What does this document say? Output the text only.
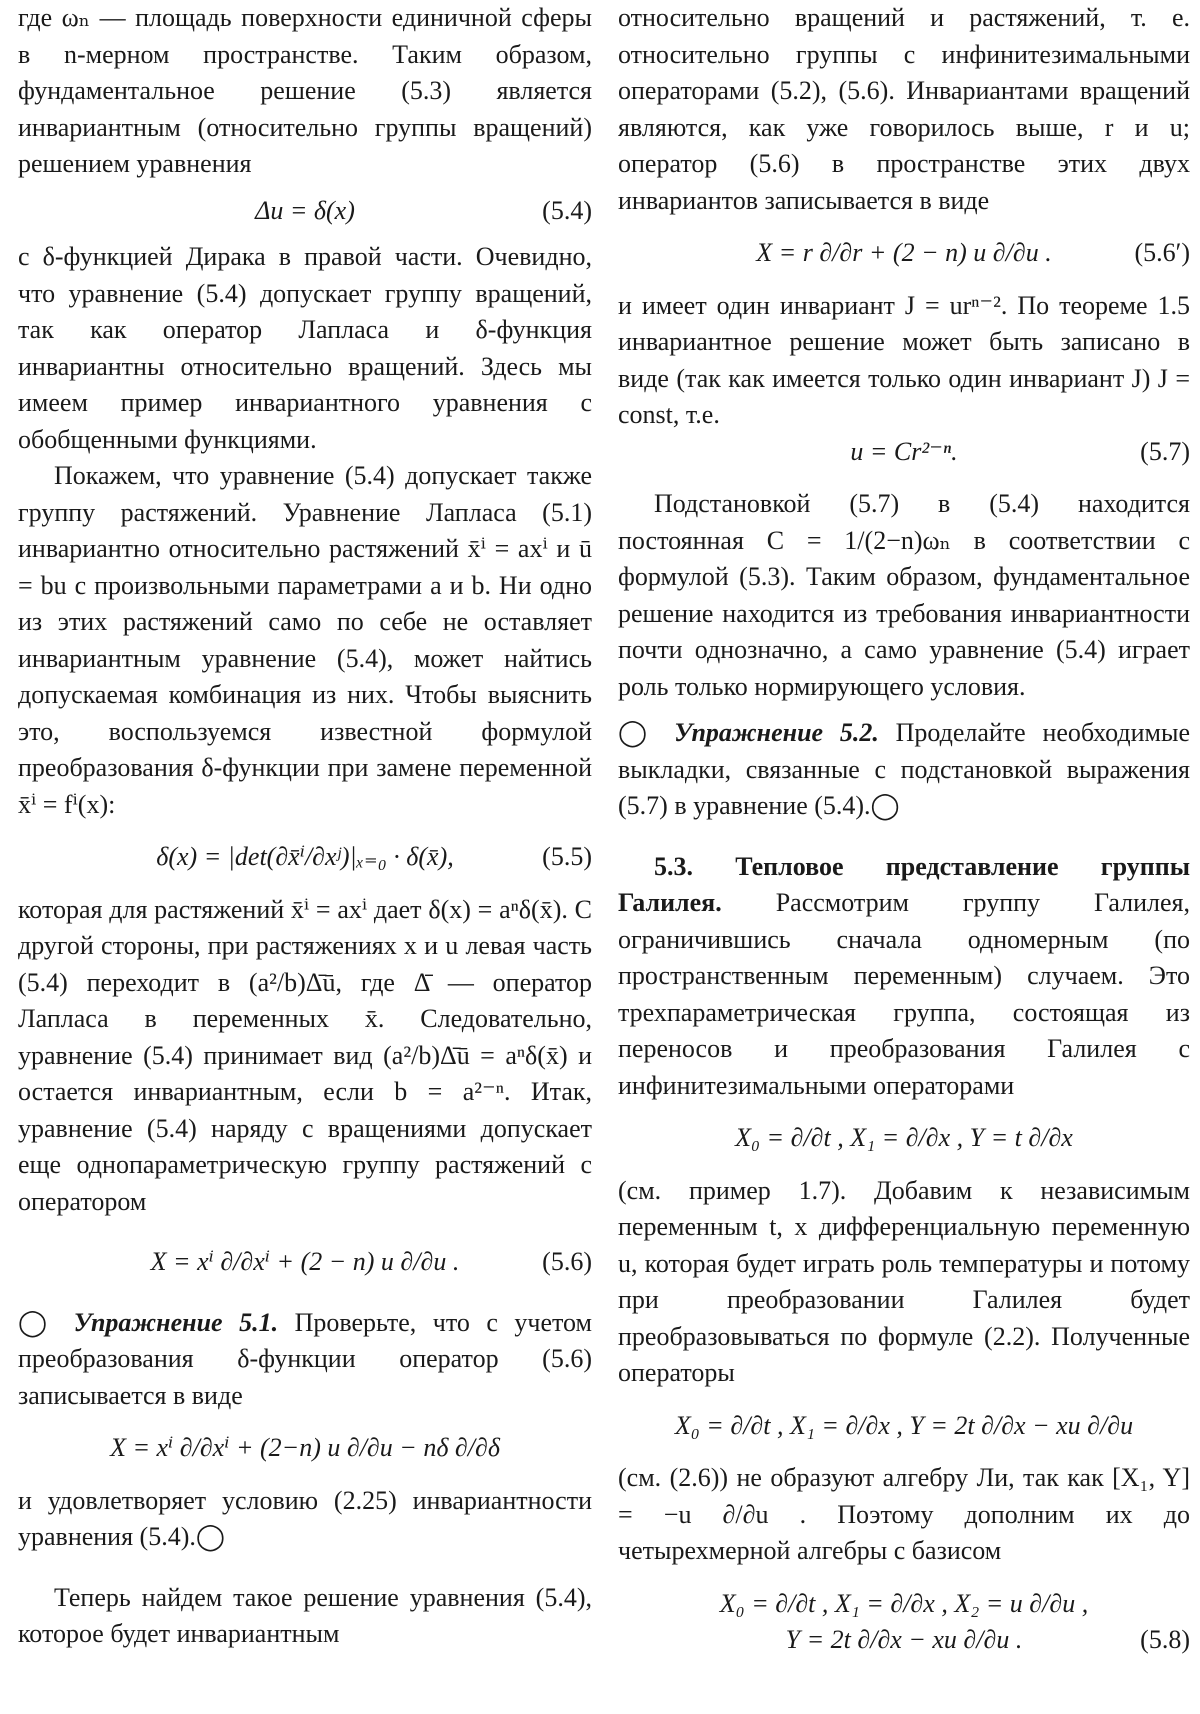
где ωₙ — площадь поверхности единичной сферы в n-мерном пространстве. Таким образом, фундаментальное решение (5.3) является инвариантным (относительно группы вращений) решением уравнения

Δu = δ(x)	(5.4)

с δ-функцией Дирака в правой части. Очевидно, что уравнение (5.4) допускает группу вращений, так как оператор Лапласа и δ-функция инвариантны относительно вращений. Здесь мы имеем пример инвариантного уравнения с обобщенными функциями.

Покажем, что уравнение (5.4) допускает также группу растяжений. Уравнение Лапласа (5.1) инвариантно относительно растяжений x̄ⁱ = axⁱ и ū = bu с произвольными параметрами a и b. Ни одно из этих растяжений само по себе не оставляет инвариантным уравнение (5.4), может найтись допускаемая комбинация из них. Чтобы выяснить это, воспользуемся известной формулой преобразования δ-функции при замене переменной x̄ⁱ = fⁱ(x):

δ(x) = |det(∂x̄ⁱ/∂xʲ)|ₓ₌₀ · δ(x̄),	(5.5)

которая для растяжений x̄ⁱ = axⁱ дает δ(x) = aⁿδ(x̄). С другой стороны, при растяжениях x и u левая часть (5.4) переходит в (a²/b)Δ̄ū, где Δ̄ — оператор Лапласа в переменных x̄. Следовательно, уравнение (5.4) принимает вид (a²/b)Δ̄ū = aⁿδ(x̄) и остается инвариантным, если b = a²⁻ⁿ. Итак, уравнение (5.4) наряду с вращениями допускает еще однопараметрическую группу растяжений с оператором

X = xⁱ ∂/∂xⁱ + (2 − n) u ∂/∂u .	(5.6)

◯ Упражнение 5.1. Проверьте, что с учетом преобразования δ-функции оператор (5.6) записывается в виде

X = xⁱ ∂/∂xⁱ + (2−n) u ∂/∂u − nδ ∂/∂δ

и удовлетворяет условию (2.25) инвариантности уравнения (5.4).◯

Теперь найдем такое решение уравнения (5.4), которое будет инвариантным

относительно вращений и растяжений, т. е. относительно группы с инфинитезимальными операторами (5.2), (5.6). Инвариантами вращений являются, как уже говорилось выше, r и u; оператор (5.6) в пространстве этих двух инвариантов записывается в виде

X = r ∂/∂r + (2 − n) u ∂/∂u .	(5.6′)

и имеет один инвариант J = urⁿ⁻². По теореме 1.5 инвариантное решение может быть записано в виде (так как имеется только один инвариант J) J = const, т.е.

u = Cr²⁻ⁿ.	(5.7)

Подстановкой (5.7) в (5.4) находится постоянная C = 1/(2−n)ωₙ в соответствии с формулой (5.3). Таким образом, фундаментальное решение находится из требования инвариантности почти однозначно, а само уравнение (5.4) играет роль только нормирующего условия.

◯ Упражнение 5.2. Проделайте необходимые выкладки, связанные с подстановкой выражения (5.7) в уравнение (5.4).◯

5.3. Тепловое представление группы Галилея. Рассмотрим группу Галилея, ограничившись сначала одномерным (по пространственным переменным) случаем. Это трехпараметрическая группа, состоящая из переносов и преобразования Галилея с инфинитезимальными операторами

X₀ = ∂/∂t , X₁ = ∂/∂x , Y = t ∂/∂x

(см. пример 1.7). Добавим к независимым переменным t, x дифференциальную переменную u, которая будет играть роль температуры и потому при преобразовании Галилея будет преобразовываться по формуле (2.2). Полученные операторы

X₀ = ∂/∂t , X₁ = ∂/∂x , Y = 2t ∂/∂x − xu ∂/∂u

(см. (2.6)) не образуют алгебру Ли, так как [X₁, Y] = −u ∂/∂u . Поэтому дополним их до четырехмерной алгебры с базисом

X₀ = ∂/∂t , X₁ = ∂/∂x , X₂ = u ∂/∂u ,
Y = 2t ∂/∂x − xu ∂/∂u .	(5.8)
